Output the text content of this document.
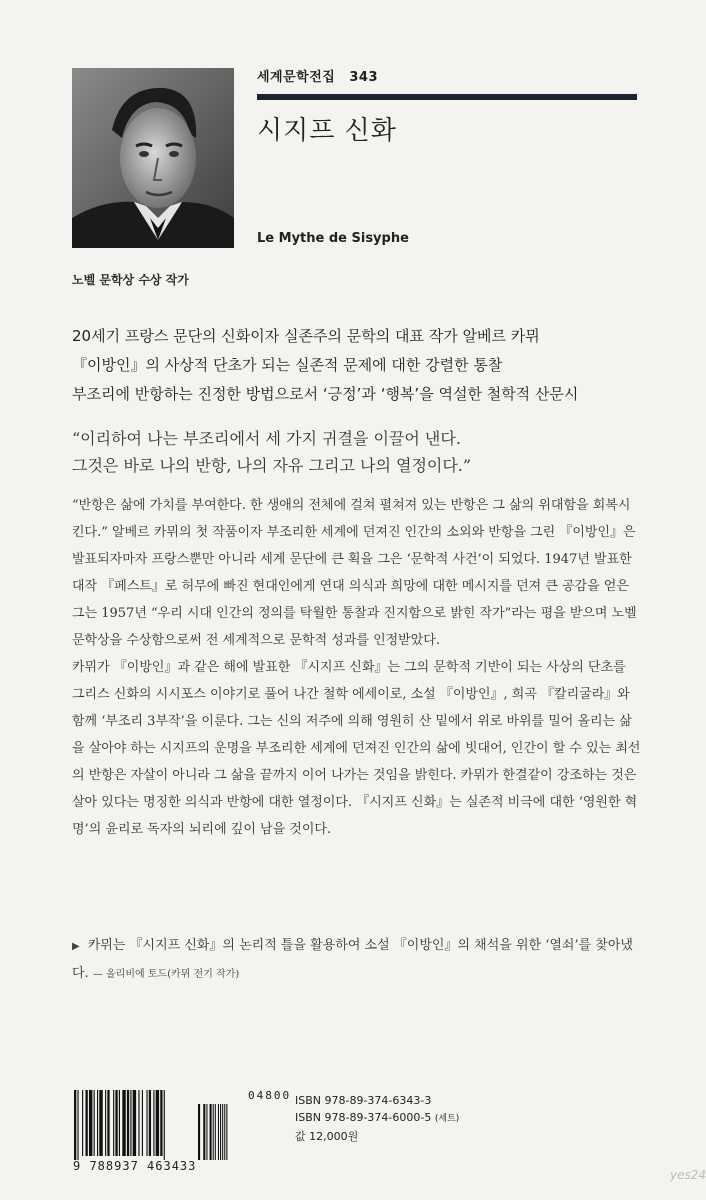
세계문학전집 343
시지프 신화
Le Mythe de Sisyphe
노벨 문학상 수상 작가
20세기 프랑스 문단의 신화이자 실존주의 문학의 대표 작가 알베르 카뮈
『이방인』의 사상적 단초가 되는 실존적 문제에 대한 강렬한 통찰
부조리에 반항하는 진정한 방법으로서 ‘긍정’과 ‘행복’을 역설한 철학적 산문시
“이리하여 나는 부조리에서 세 가지 귀결을 이끌어 낸다.
그것은 바로 나의 반항, 나의 자유 그리고 나의 열정이다.”

“반항은 삶에 가치를 부여한다. 한 생애의 전체에 걸쳐 펼쳐져 있는 반항은 그 삶의 위대함을 회복시킨다.” 알베르 카뮈의 첫 작품이자 부조리한 세계에 던져진 인간의 소외와 반항을 그린 『이방인』은 발표되자마자 프랑스뿐만 아니라 세계 문단에 큰 획을 그은 ‘문학적 사건’이 되었다. 1947년 발표한 대작 『페스트』로 허무에 빠진 현대인에게 연대 의식과 희망에 대한 메시지를 던져 큰 공감을 얻은 그는 1957년 “우리 시대 인간의 정의를 탁월한 통찰과 진지함으로 밝힌 작가”라는 평을 받으며 노벨 문학상을 수상함으로써 전 세계적으로 문학적 성과를 인정받았다.

카뮈가 『이방인』과 같은 해에 발표한 『시지프 신화』는 그의 문학적 기반이 되는 사상의 단초를 그리스 신화의 시시포스 이야기로 풀어 나간 철학 에세이로, 소설 『이방인』, 희곡 『칼리굴라』와 함께 ‘부조리 3부작’을 이룬다. 그는 신의 저주에 의해 영원히 산 밑에서 위로 바위를 밀어 올리는 삶을 살아야 하는 시지프의 운명을 부조리한 세계에 던져진 인간의 삶에 빗대어, 인간이 할 수 있는 최선의 반항은 자살이 아니라 그 삶을 끝까지 이어 나가는 것임을 밝힌다. 카뮈가 한결같이 강조하는 것은 살아 있다는 명징한 의식과 반항에 대한 열정이다. 『시지프 신화』는 실존적 비극에 대한 ‘영원한 혁명’의 윤리로 독자의 뇌리에 깊이 남을 것이다.

▶ 카뮈는 『시지프 신화』의 논리적 틀을 활용하여 소설 『이방인』의 채석을 위한 ‘열쇠’를 찾아냈다. — 올리비에 토드(카뮈 전기 작가)
9 788937 463433
04800 ISBN 978-89-374-6343-3
ISBN 978-89-374-6000-5 (세트)
값 12,000원
yes24
